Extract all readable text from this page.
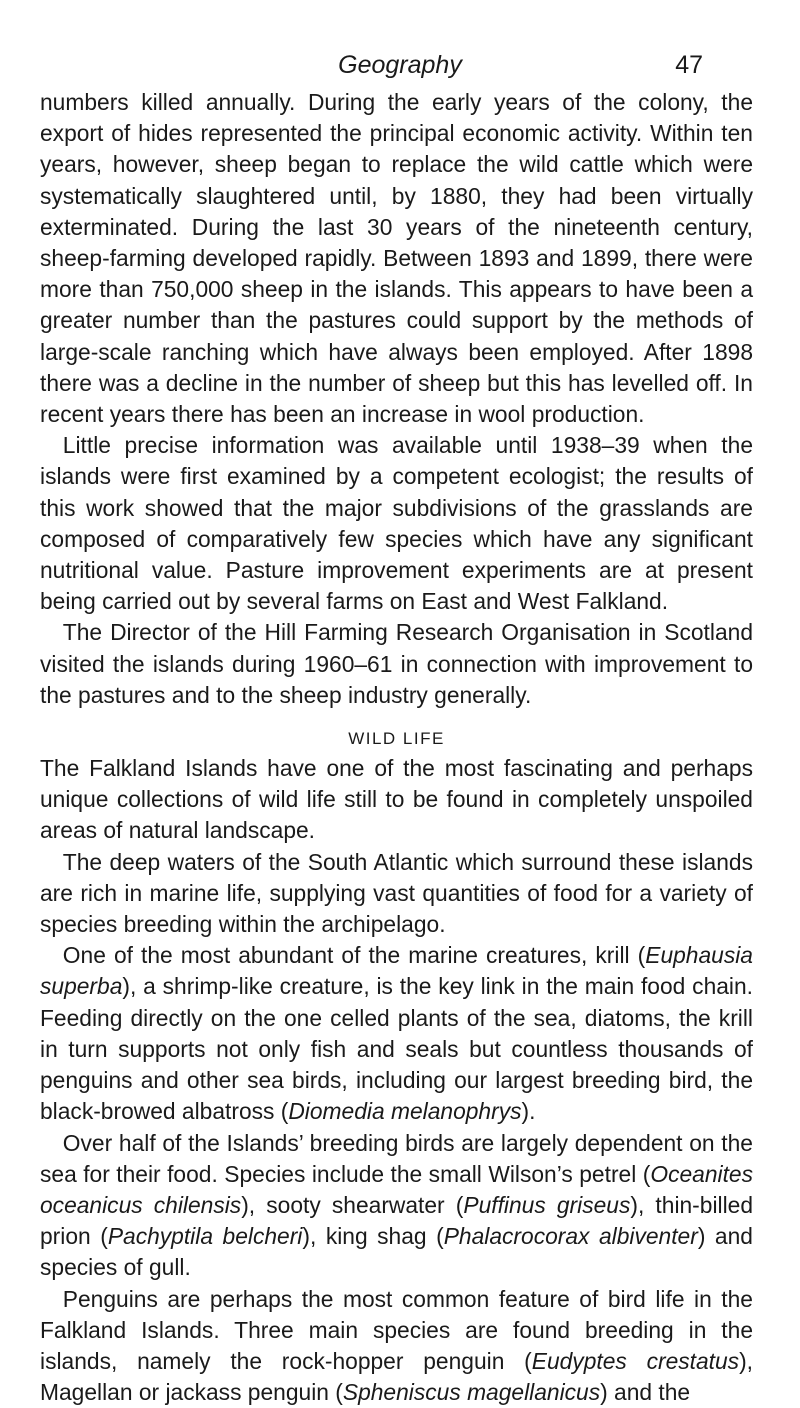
Geography	47

numbers killed annually. During the early years of the colony, the export of hides represented the principal economic activity. Within ten years, however, sheep began to replace the wild cattle which were systematically slaughtered until, by 1880, they had been virtually exterminated. During the last 30 years of the nineteenth century, sheep-farming developed rapidly. Between 1893 and 1899, there were more than 750,000 sheep in the islands. This appears to have been a greater number than the pastures could support by the methods of large-scale ranching which have always been employed. After 1898 there was a decline in the number of sheep but this has levelled off. In recent years there has been an increase in wool production.

Little precise information was available until 1938–39 when the islands were first examined by a competent ecologist; the results of this work showed that the major subdivisions of the grasslands are composed of comparatively few species which have any significant nutritional value. Pasture improvement experiments are at present being carried out by several farms on East and West Falkland.

The Director of the Hill Farming Research Organisation in Scotland visited the islands during 1960–61 in connection with improvement to the pastures and to the sheep industry generally.

WILD LIFE

The Falkland Islands have one of the most fascinating and perhaps unique collections of wild life still to be found in completely unspoiled areas of natural landscape.

The deep waters of the South Atlantic which surround these islands are rich in marine life, supplying vast quantities of food for a variety of species breeding within the archipelago.

One of the most abundant of the marine creatures, krill (Euphausia superba), a shrimp-like creature, is the key link in the main food chain. Feeding directly on the one celled plants of the sea, diatoms, the krill in turn supports not only fish and seals but countless thousands of penguins and other sea birds, including our largest breeding bird, the black-browed albatross (Diomedia melanophrys).

Over half of the Islands’ breeding birds are largely dependent on the sea for their food. Species include the small Wilson’s petrel (Oceanites oceanicus chilensis), sooty shearwater (Puffinus griseus), thin-billed prion (Pachyptila belcheri), king shag (Phalacrocorax albiventer) and species of gull.

Penguins are perhaps the most common feature of bird life in the Falkland Islands. Three main species are found breeding in the islands, namely the rock-hopper penguin (Eudyptes crestatus), Magellan or jackass penguin (Spheniscus magellanicus) and the
